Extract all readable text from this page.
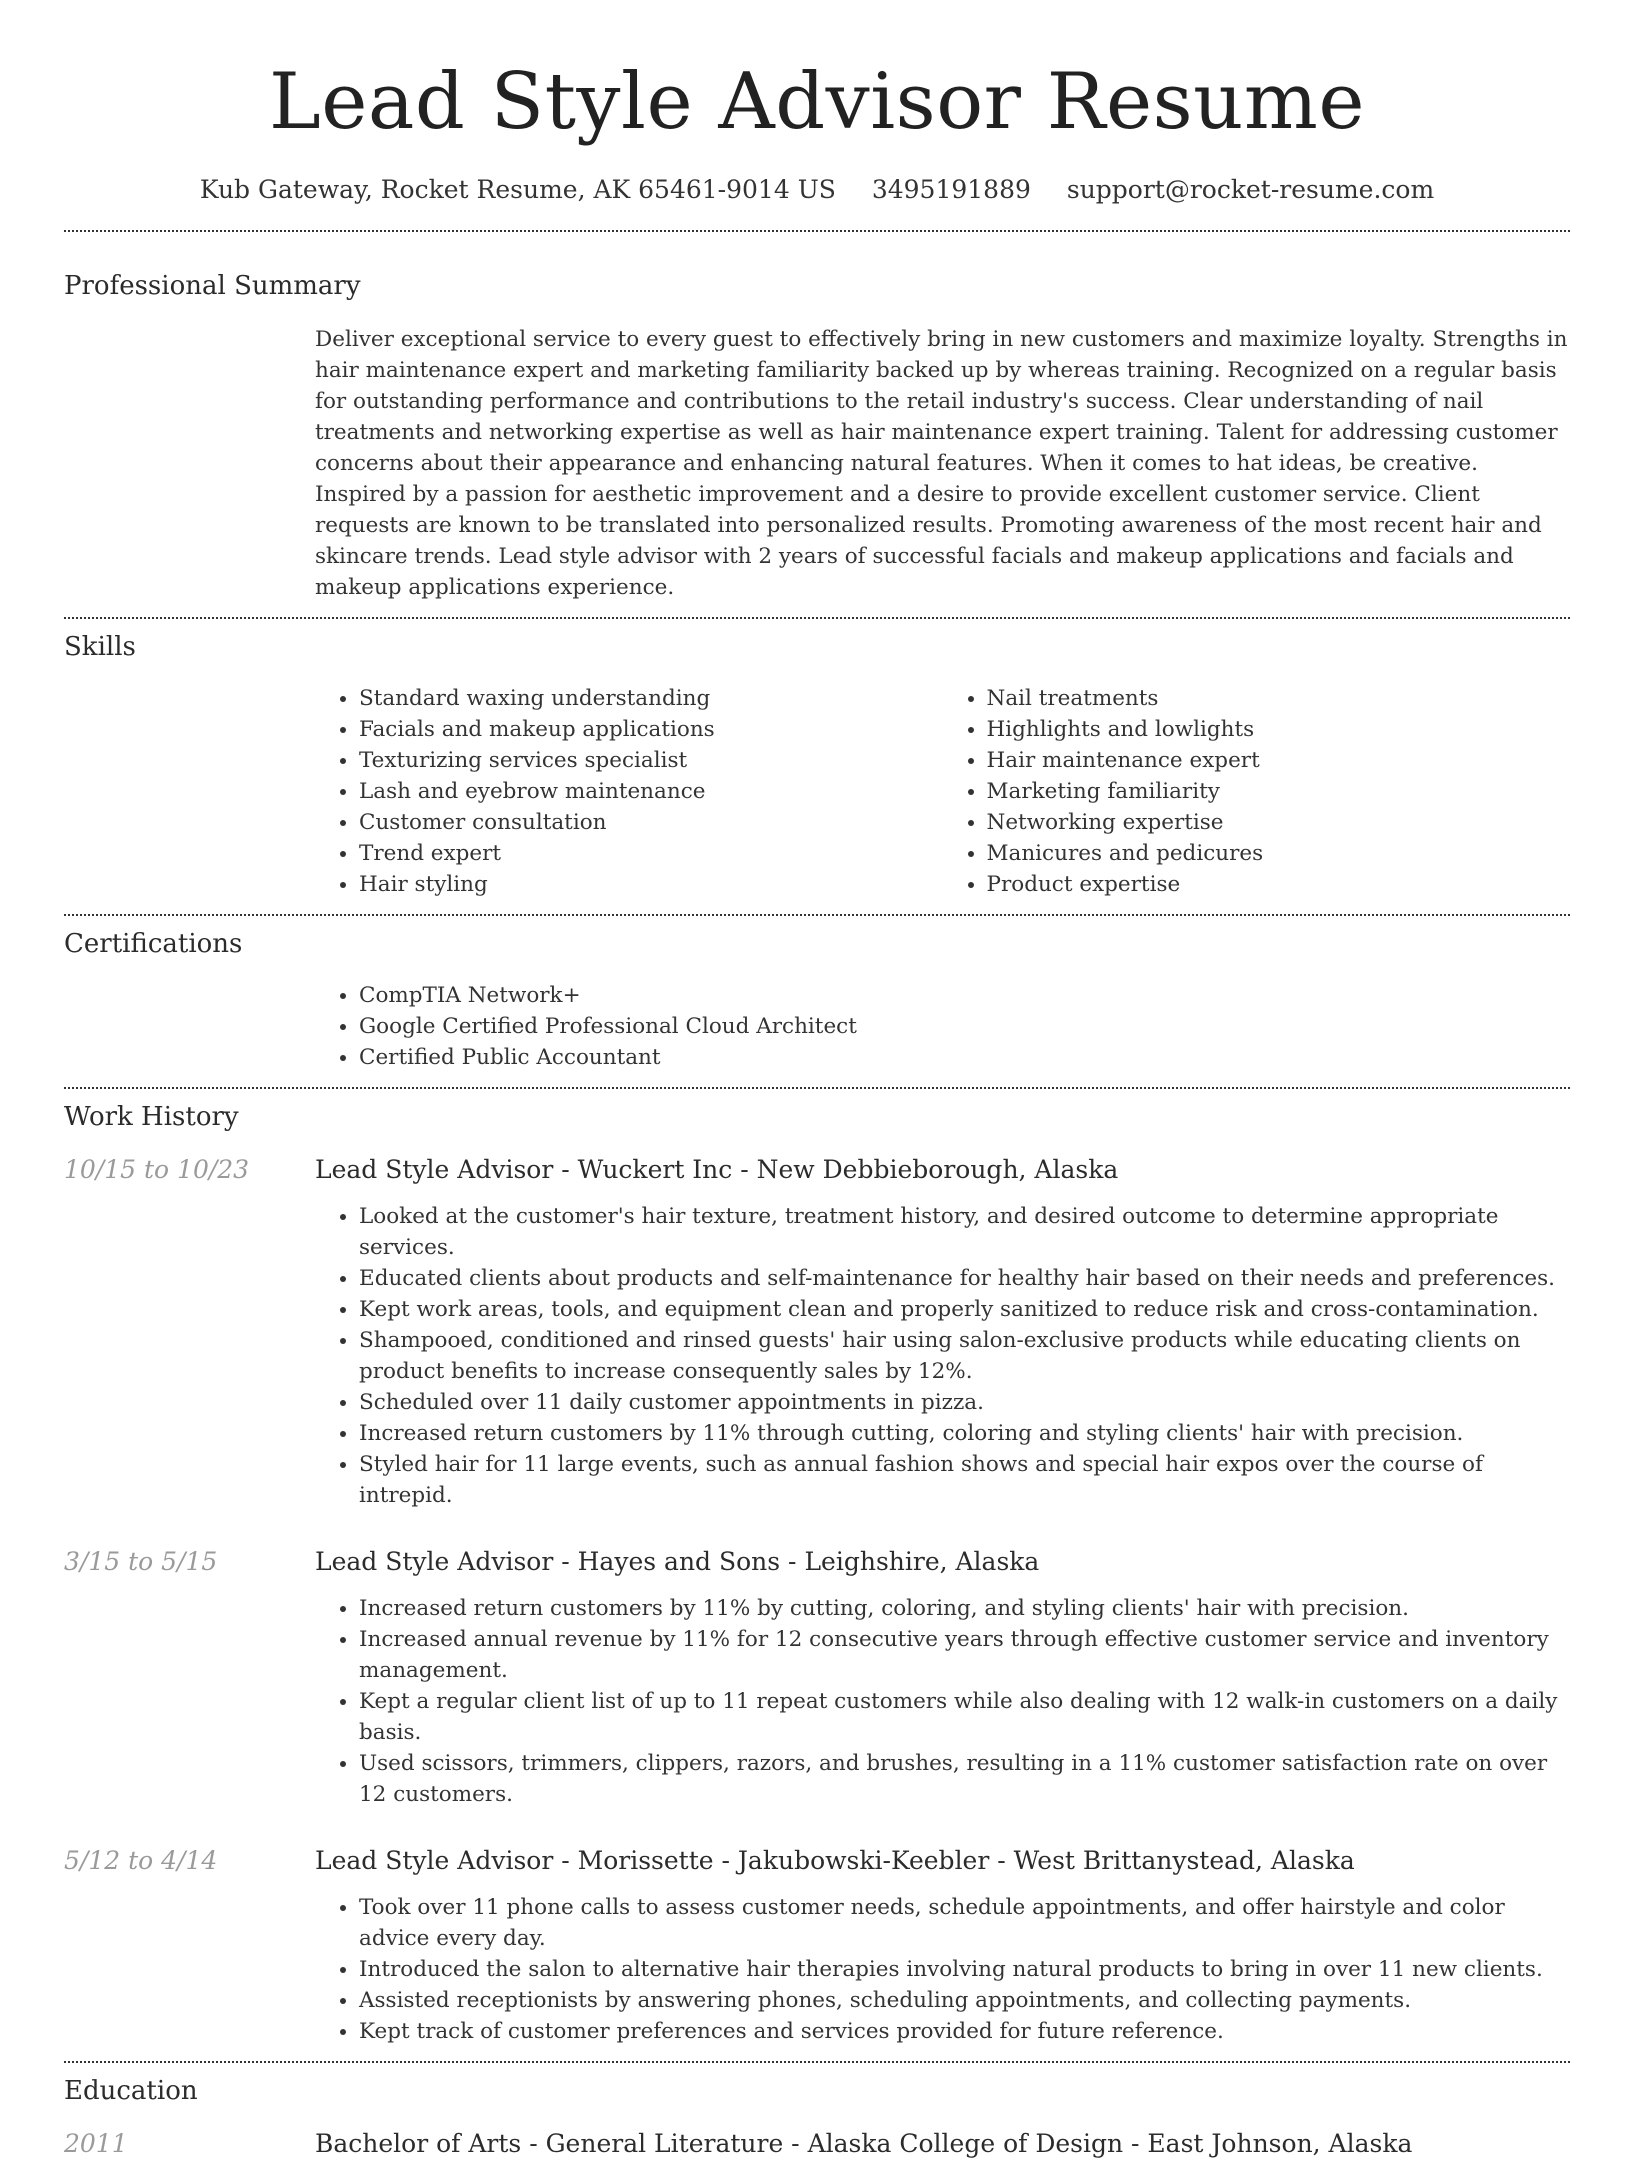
Lead Style Advisor Resume
Kub Gateway, Rocket Resume, AK 65461-9014 US 3495191889 support@rocket-resume.com
Professional Summary

Deliver exceptional service to every guest to effectively bring in new customers and maximize loyalty. Strengths in hair maintenance expert and marketing familiarity backed up by whereas training. Recognized on a regular basis for outstanding performance and contributions to the retail industry's success. Clear understanding of nail treatments and networking expertise as well as hair maintenance expert training. Talent for addressing customer concerns about their appearance and enhancing natural features. When it comes to hat ideas, be creative. Inspired by a passion for aesthetic improvement and a desire to provide excellent customer service. Client requests are known to be translated into personalized results. Promoting awareness of the most recent hair and skincare trends. Lead style advisor with 2 years of successful facials and makeup applications and facials and makeup applications experience.

Skills
• Standard waxing understanding
• Facials and makeup applications
• Texturizing services specialist
• Lash and eyebrow maintenance
• Customer consultation
• Trend expert
• Hair styling
• Nail treatments
• Highlights and lowlights
• Hair maintenance expert
• Marketing familiarity
• Networking expertise
• Manicures and pedicures
• Product expertise
Certifications
• CompTIA Network+
• Google Certified Professional Cloud Architect
• Certified Public Accountant
Work History
10/15 to 10/23	Lead Style Advisor - Wuckert Inc - New Debbieborough, Alaska
• Looked at the customer's hair texture, treatment history, and desired outcome to determine appropriate services.
• Educated clients about products and self-maintenance for healthy hair based on their needs and preferences.
• Kept work areas, tools, and equipment clean and properly sanitized to reduce risk and cross-contamination.
• Shampooed, conditioned and rinsed guests' hair using salon-exclusive products while educating clients on product benefits to increase consequently sales by 12%.
• Scheduled over 11 daily customer appointments in pizza.
• Increased return customers by 11% through cutting, coloring and styling clients' hair with precision.
• Styled hair for 11 large events, such as annual fashion shows and special hair expos over the course of intrepid.
3/15 to 5/15	Lead Style Advisor - Hayes and Sons - Leighshire, Alaska
• Increased return customers by 11% by cutting, coloring, and styling clients' hair with precision.
• Increased annual revenue by 11% for 12 consecutive years through effective customer service and inventory management.
• Kept a regular client list of up to 11 repeat customers while also dealing with 12 walk-in customers on a daily basis.
• Used scissors, trimmers, clippers, razors, and brushes, resulting in a 11% customer satisfaction rate on over 12 customers.
5/12 to 4/14	Lead Style Advisor - Morissette - Jakubowski-Keebler - West Brittanystead, Alaska
• Took over 11 phone calls to assess customer needs, schedule appointments, and offer hairstyle and color advice every day.
• Introduced the salon to alternative hair therapies involving natural products to bring in over 11 new clients.
• Assisted receptionists by answering phones, scheduling appointments, and collecting payments.
• Kept track of customer preferences and services provided for future reference.
Education
2011	Bachelor of Arts - General Literature - Alaska College of Design - East Johnson, Alaska
